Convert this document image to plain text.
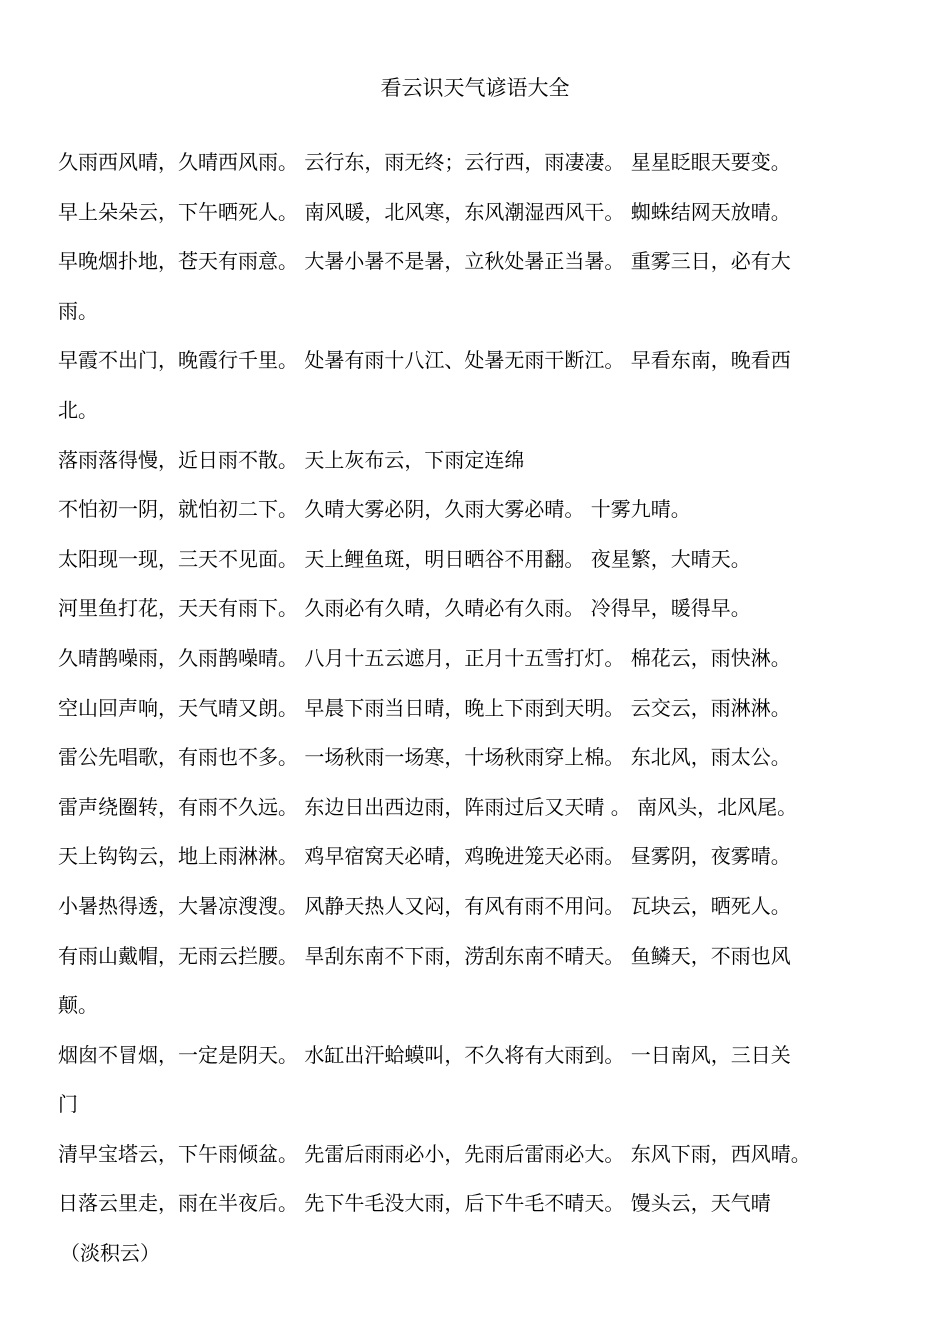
看云识天气谚语大全
久雨西风晴，久晴西风雨。 云行东，雨无终；云行西，雨凄凄。 星星眨眼天要变。
早上朵朵云，下午晒死人。 南风暖，北风寒，东风潮湿西风干。 蜘蛛结网天放晴。
早晚烟扑地，苍天有雨意。 大暑小暑不是暑，立秋处暑正当暑。 重雾三日，必有大
雨。
早霞不出门，晚霞行千里。 处暑有雨十八江、处暑无雨干断江。 早看东南，晚看西
北。
落雨落得慢，近日雨不散。 天上灰布云，下雨定连绵
不怕初一阴，就怕初二下。 久晴大雾必阴，久雨大雾必晴。 十雾九晴。
太阳现一现，三天不见面。 天上鲤鱼斑，明日晒谷不用翻。 夜星繁，大晴天。
河里鱼打花，天天有雨下。 久雨必有久晴，久晴必有久雨。 冷得早，暖得早。
久晴鹊噪雨，久雨鹊噪晴。 八月十五云遮月，正月十五雪打灯。 棉花云，雨快淋。
空山回声响，天气晴又朗。 早晨下雨当日晴，晚上下雨到天明。 云交云，雨淋淋。
雷公先唱歌，有雨也不多。 一场秋雨一场寒，十场秋雨穿上棉。 东北风，雨太公。
雷声绕圈转，有雨不久远。 东边日出西边雨，阵雨过后又天晴 。 南风头，北风尾。
天上钩钩云，地上雨淋淋。 鸡早宿窝天必晴，鸡晚进笼天必雨。 昼雾阴，夜雾晴。
小暑热得透，大暑凉溲溲。 风静天热人又闷，有风有雨不用问。 瓦块云，晒死人。
有雨山戴帽，无雨云拦腰。 旱刮东南不下雨，涝刮东南不晴天。 鱼鳞天，不雨也风
颠。
烟囱不冒烟，一定是阴天。 水缸出汗蛤蟆叫，不久将有大雨到。 一日南风，三日关
门
清早宝塔云，下午雨倾盆。 先雷后雨雨必小，先雨后雷雨必大。 东风下雨，西风晴。
日落云里走，雨在半夜后。 先下牛毛没大雨，后下牛毛不晴天。 馒头云，天气晴
（淡积云）
